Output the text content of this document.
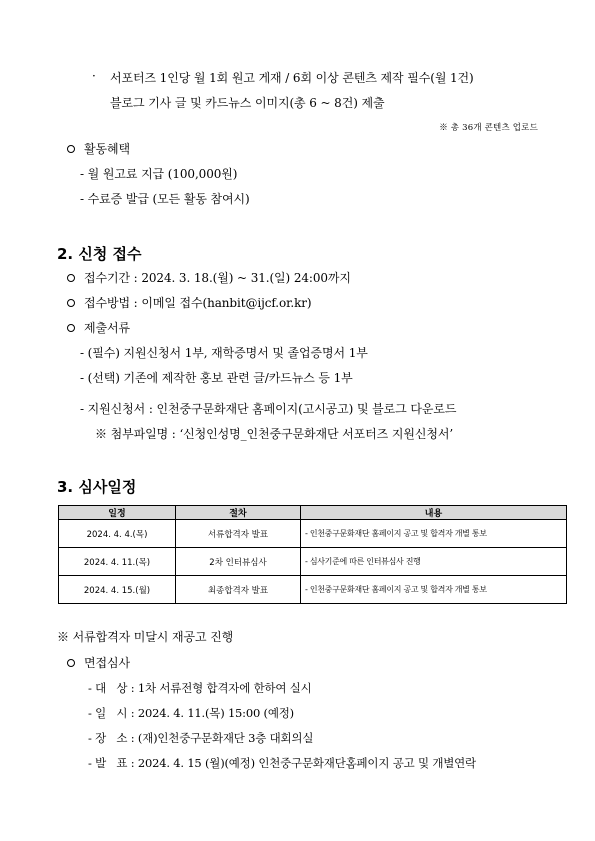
· 서포터즈 1인당 월 1회 원고 게재 / 6회 이상 콘텐츠 제작 필수(월 1건)
블로그 기사 글 및 카드뉴스 이미지(총 6 ~ 8건) 제출
※ 총 36개 콘텐츠 업로드
활동혜택
- 월 원고료 지급 (100,000원)
- 수료증 발급 (모든 활동 참여시)
2. 신청 접수
접수기간 : 2024. 3. 18.(월) ~ 31.(일) 24:00까지
접수방법 : 이메일 접수(hanbit@ijcf.or.kr)
제출서류
- (필수) 지원신청서 1부, 재학증명서 및 졸업증명서 1부
- (선택) 기존에 제작한 홍보 관련 글/카드뉴스 등 1부
- 지원신청서 : 인천중구문화재단 홈페이지(고시공고) 및 블로그 다운로드
※ 첨부파일명 : ‘신청인성명_인천중구문화재단 서포터즈 지원신청서’
3. 심사일정
일정	절차	내용
2024. 4. 4.(목)	서류합격자 발표	- 인천중구문화재단 홈페이지 공고 및 합격자 개별 통보
2024. 4. 11.(목)	2차 인터뷰심사	- 심사기준에 따른 인터뷰심사 진행
2024. 4. 15.(월)	최종합격자 발표	- 인천중구문화재단 홈페이지 공고 및 합격자 개별 통보
※ 서류합격자 미달시 재공고 진행
면접심사
- 대   상 : 1차 서류전형 합격자에 한하여 실시
- 일   시 : 2024. 4. 11.(목) 15:00 (예정)
- 장   소 : (재)인천중구문화재단 3층 대회의실
- 발   표 : 2024. 4. 15 (월)(예정) 인천중구문화재단홈페이지 공고 및 개별연락
